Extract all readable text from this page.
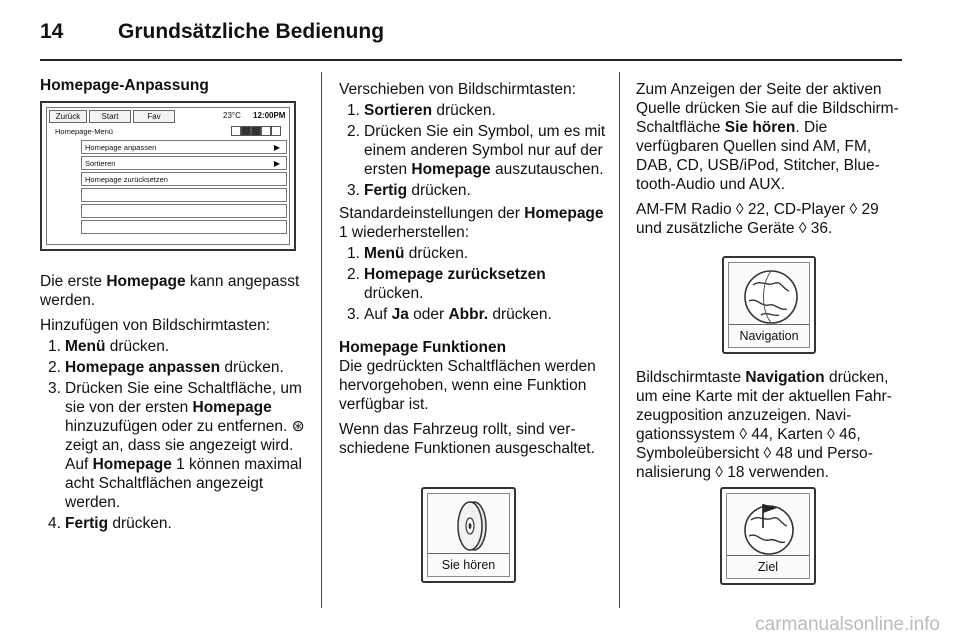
14	Grundsätzliche Bedienung

Homepage-Anpassung

Zurück	Start	Fav	23°C 12:00PM
Homepage-Menü
Homepage anpassen	▶
Sortieren	▶
Homepage zurücksetzen

Die erste Homepage kann angepasst werden.

Hinzufügen von Bildschirmtasten:

1. Menü drücken.
2. Homepage anpassen drücken.
3. Drücken Sie eine Schaltfläche, um sie von der ersten Homepage hinzuzufügen oder zu entfernen. ⊛ zeigt an, dass sie angezeigt wird. Auf Homepage 1 können maximal acht Schaltflächen angezeigt werden.
4. Fertig drücken.

Verschieben von Bildschirmtasten:

1. Sortieren drücken.
2. Drücken Sie ein Symbol, um es mit einem anderen Symbol nur auf der ersten Homepage auszutauschen.
3. Fertig drücken.

Standardeinstellungen der Homepage 1 wiederherstellen:

1. Menü drücken.
2. Homepage zurücksetzen
drücken.
3. Auf Ja oder Abbr. drücken.

Homepage Funktionen

Die gedrückten Schaltflächen werden hervorgehoben, wenn eine Funktion verfügbar ist.

Wenn das Fahrzeug rollt, sind verschiedene Funktionen ausgeschaltet.

Sie hören

Zum Anzeigen der Seite der aktiven Quelle drücken Sie auf die Bildschirm-Schaltfläche Sie hören. Die verfügbaren Quellen sind AM, FM, DAB, CD, USB/iPod, Stitcher, Bluetooth-Audio und AUX.

AM-FM Radio ◊ 22, CD-Player ◊ 29 und zusätzliche Geräte ◊ 36.

Navigation

Bildschirmtaste Navigation drücken, um eine Karte mit der aktuellen Fahrzeugposition anzuzeigen. Navigationssystem ◊ 44, Karten ◊ 46, Symboleübersicht ◊ 48 und Personalisierung ◊ 18 verwenden.

Ziel
carmanualsonline.info
